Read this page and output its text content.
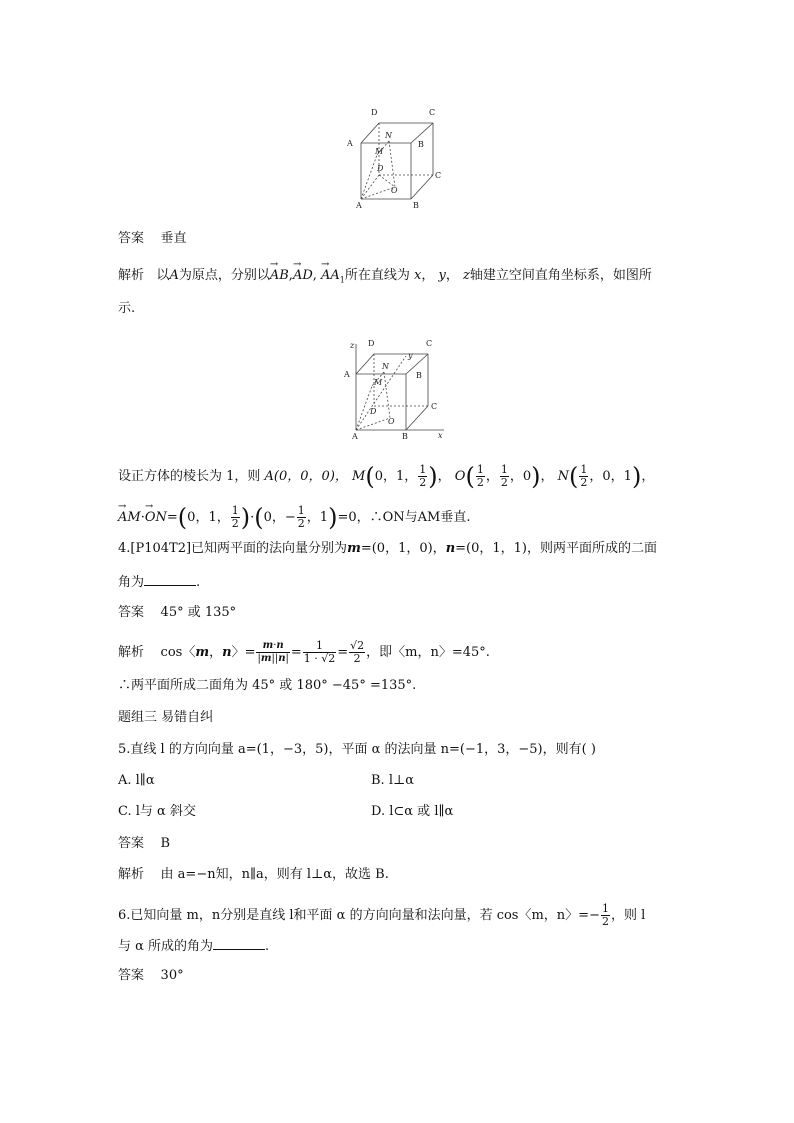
D	C
A	B
N
M
D
O
C
A	B
答案 垂直
解析 以A为原点，分别以→ AB,→ AD, → $AA_1$所在直线为 x， y， z轴建立空间直角坐标系，如图所
示.
z
y
x
D	C
A	B
N
M
D
O
C
A	B
设正方体的棱长为 1，则 A(0，0，0)， M(0，1， $\frac{1}{2}$ )， $O( \frac{1}{2}$ ， $\frac{1}{2}$ ，0)， $N( \frac{1}{2}$ ，0，1)，
→ AM·→ ON=(0，1， $\frac{1}{2} )\cdot(0$，− $\frac{1}{2}$ ，1)=0，∴ON与AM垂直.
4.[P104T2]已知两平面的法向量分别为m=(0，1，0)，n=(0，1，1)，则两平面所成的二面
角为	.
答案 45° 或 135°
解析 cos〈m，n〉= $\frac{m\cdot n}{|m||n|} = \frac{1}{1 \cdot √2} = \frac{√2}{2}$ ，即〈m，n〉=45°.
∴两平面所成二面角为 45° 或 180° −45° =135°.
题组三 易错自纠
5.直线 l 的方向向量 a=(1，−3，5)，平面 α 的法向量 n=(−1，3，−5)，则有( )
A. l∥α	B. l⊥α
C. l与 α 斜交	D. l⊂α 或 l∥α
答案 B
解析 由 a=−n知，n∥a，则有 l⊥α，故选 B.
6.已知向量 m，n分别是直线 l和平面 α 的方向向量和法向量，若 cos〈m，n〉=− $\frac{1}{2}$ ，则 l
与 α 所成的角为	.
答案 30°
